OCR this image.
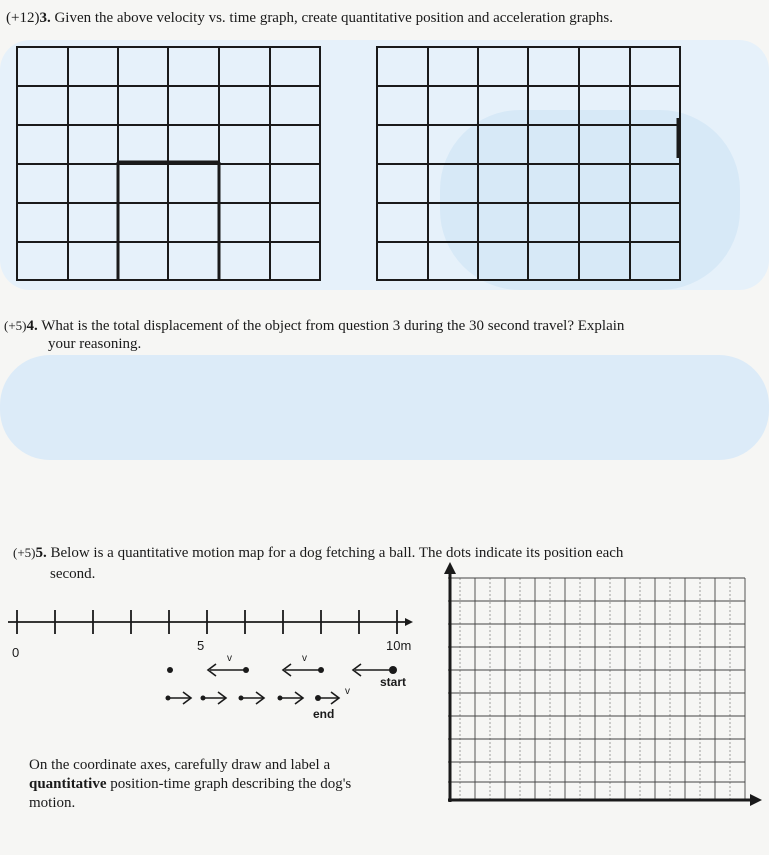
(+12)3. Given the above velocity vs. time graph, create quantitative position and acceleration graphs.
(+5)4. What is the total displacement of the object from question 3 during the 30 second travel? Explain
your reasoning.
(+5)5. Below is a quantitative motion map for a dog fetching a ball. The dots indicate its position each
second.
0	5	10m
v	v
v
start
end
On the coordinate axes, carefully draw and label a
quantitative position-time graph describing the dog's
motion.
